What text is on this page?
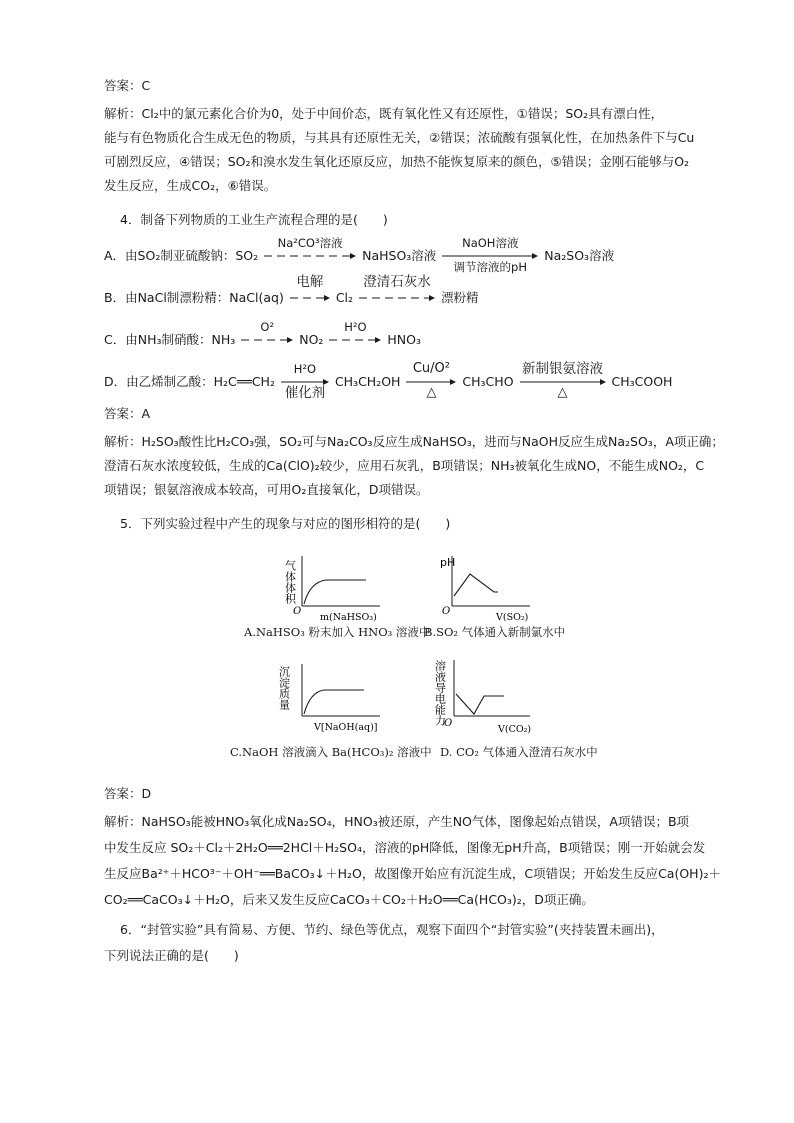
答案：C
解析：Cl₂中的氯元素化合价为0，处于中间价态，既有氧化性又有还原性，①错误；SO₂具有漂白性，
能与有色物质化合生成无色的物质，与其具有还原性无关，②错误；浓硫酸有强氧化性，在加热条件下与Cu
可剧烈反应，④错误；SO₂和溴水发生氧化还原反应，加热不能恢复原来的颜色，⑤错误；金刚石能够与O₂
发生反应，生成CO₂，⑥错误。
4．制备下列物质的工业生产流程合理的是(　　)
A．由SO₂制亚硫酸钠：SO₂
Na²CO³溶液
NaHSO₃溶液
NaOH溶液
调节溶液的pH
Na₂SO₃溶液
B．由NaCl制漂粉精：NaCl(aq)
电解
Cl₂
澄清石灰水
漂粉精
C．由NH₃制硝酸：NH₃
O²
NO₂
H²O
HNO₃
D．由乙烯制乙酸：H₂C══CH₂
H²O
催化剂
CH₃CH₂OH
Cu/O²
△
CH₃CHO
新制银氨溶液
△
CH₃COOH
答案：A
解析：H₂SO₃酸性比H₂CO₃强，SO₂可与Na₂CO₃反应生成NaHSO₃，进而与NaOH反应生成Na₂SO₃，A项正确；
澄清石灰水浓度较低，生成的Ca(ClO)₂较少，应用石灰乳，B项错误；NH₃被氧化生成NO，不能生成NO₂，C
项错误；银氨溶液成本较高，可用O₂直接氧化，D项错误。
5．下列实验过程中产生的现象与对应的图形相符的是(　　)
气体体积
O
m(NaHSO₃)
A.NaHSO₃ 粉末加入 HNO₃ 溶液中
pH
O
V(SO₂)
B.SO₂ 气体通入新制氯水中
沉淀质量
V[NaOH(aq)]
C.NaOH 溶液滴入 Ba(HCO₃)₂ 溶液中
溶液导电能力
O
V(CO₂)
D. CO₂ 气体通入澄清石灰水中
答案：D
解析：NaHSO₃能被HNO₃氧化成Na₂SO₄，HNO₃被还原，产生NO气体，图像起始点错误，A项错误；B项
中发生反应 SO₂＋Cl₂＋2H₂O══2HCl＋H₂SO₄，溶液的pH降低，图像无pH升高，B项错误；刚一开始就会发
生反应Ba²⁺＋HCO³⁻＋OH⁻══BaCO₃↓＋H₂O，故图像开始应有沉淀生成，C项错误；开始发生反应Ca(OH)₂＋
CO₂══CaCO₃↓＋H₂O，后来又发生反应CaCO₃＋CO₂＋H₂O══Ca(HCO₃)₂，D项正确。
6．“封管实验”具有简易、方便、节约、绿色等优点，观察下面四个“封管实验”(夹持装置未画出)，
下列说法正确的是(　　)
